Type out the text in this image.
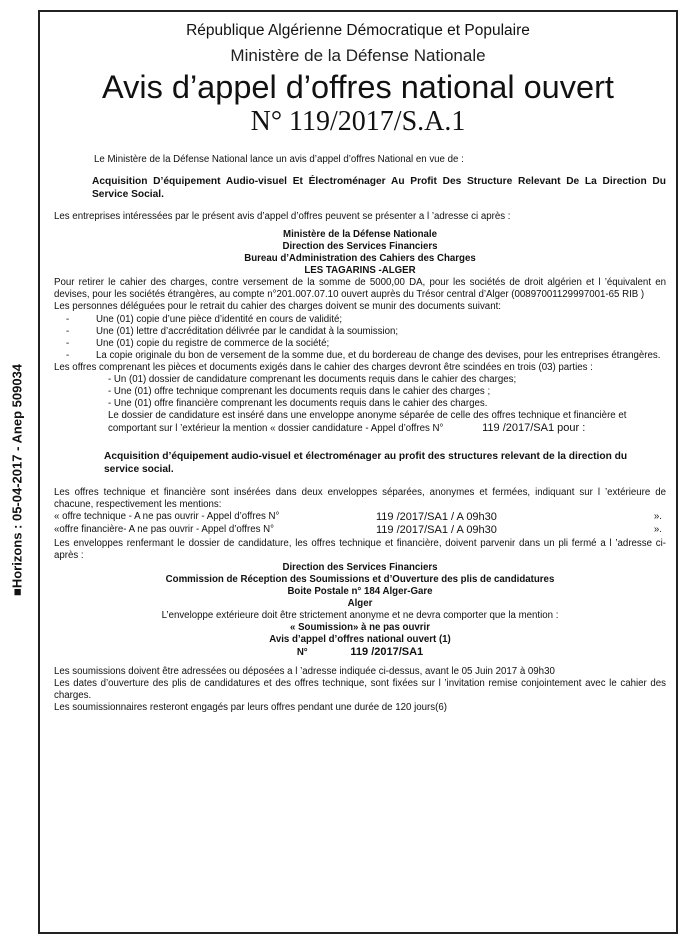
■Horizons : 05-04-2017 - Anep 509034
République Algérienne Démocratique et Populaire
Ministère de la Défense Nationale
Avis d’appel d’offres national ouvert
N° 119/2017/S.A.1

Le Ministère de la Défense National lance un avis d’appel d’offres National en vue de :

Acquisition D’équipement Audio-visuel Et Électroménager Au Profit Des Structure Relevant De La Direction Du Service Social.

Les entreprises intéressées par le présent avis d’appel d’offres peuvent se présenter a l ’adresse ci après :

Ministère de la Défense Nationale

Direction des Services Financiers

Bureau d’Administration des Cahiers des Charges

LES TAGARINS -ALGER

Pour retirer le cahier des charges, contre versement de la somme de 5000,00 DA, pour les sociétés de droit algérien et l ’équivalent en devises, pour les sociétés étrangères, au compte n°201.007.07.10 ouvert auprès du Trésor central d’Alger (00897001129997001-65 RIB )

Les personnes déléguées pour le retrait du cahier des charges doivent se munir des documents suivant:

- Une (01) copie d’une pièce d’identité en cours de validité;
- Une (01) lettre d’accréditation délivrée par le candidat à la soumission;
- Une (01) copie du registre de commerce de la société;
- La copie originale du bon de versement de la somme due, et du bordereau de change des devises, pour les entreprises étrangères.

Les offres comprenant les pièces et documents exigés dans le cahier des charges devront être scindées en trois (03) parties :

- Un (01) dossier de candidature comprenant les documents requis dans le cahier des charges;

- Une (01) offre technique comprenant les documents requis dans le cahier des charges ;

- Une (01) offre financière comprenant les documents requis dans le cahier des charges.

Le dossier de candidature est inséré dans une enveloppe anonyme séparée de celle des offres technique et financière et comportant sur l ’extérieur la mention « dossier candidature - Appel d’offres N°	119 /2017/SA1 pour :

Acquisition d’équipement audio-visuel et électroménager au profit des structures relevant de la direction du service social.

Les offres technique et financière sont insérées dans deux enveloppes séparées, anonymes et fermées, indiquant sur l ’extérieure de chacune, respectivement les mentions:

« offre technique - A ne pas ouvrir - Appel d’offres N°	119 /2017/SA1 / A 09h30	».
«offre financière- A ne pas ouvrir - Appel d’offres N°	119 /2017/SA1 / A 09h30	».

Les enveloppes renfermant le dossier de candidature, les offres technique et financière, doivent parvenir dans un pli fermé a l ’adresse ci-après :

Direction des Services Financiers

Commission de Réception des Soumissions et d’Ouverture des plis de candidatures

Boite Postale n° 184 Alger-Gare

Alger

L’enveloppe extérieure doit être strictement anonyme et ne devra comporter que la mention :

« Soumission» à ne pas ouvrir

Avis d’appel d’offres national ouvert (1)

N°	119 /2017/SA1

Les soumissions doivent être adressées ou déposées a l ’adresse indiquée ci-dessus, avant le 05 Juin 2017 à 09h30

Les dates d’ouverture des plis de candidatures et des offres technique, sont fixées sur l ’invitation remise conjointement avec le cahier des charges.

Les soumissionnaires resteront engagés par leurs offres pendant une durée de 120 jours(6)
